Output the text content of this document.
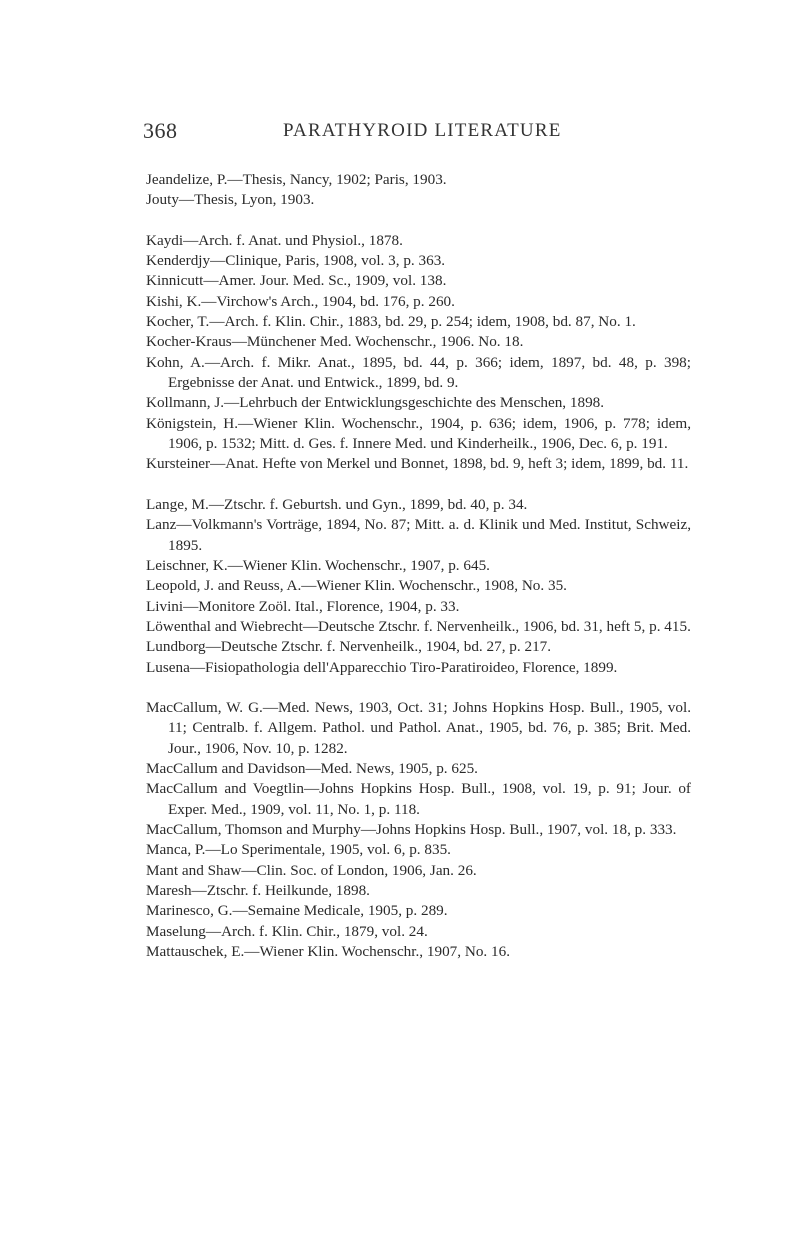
368	PARATHYROID LITERATURE

Jeandelize, P.—Thesis, Nancy, 1902; Paris, 1903.

Jouty—Thesis, Lyon, 1903.

Kaydi—Arch. f. Anat. und Physiol., 1878.

Kenderdjy—Clinique, Paris, 1908, vol. 3, p. 363.

Kinnicutt—Amer. Jour. Med. Sc., 1909, vol. 138.

Kishi, K.—Virchow's Arch., 1904, bd. 176, p. 260.

Kocher, T.—Arch. f. Klin. Chir., 1883, bd. 29, p. 254; idem, 1908, bd. 87, No. 1.

Kocher-Kraus—Münchener Med. Wochenschr., 1906. No. 18.

Kohn, A.—Arch. f. Mikr. Anat., 1895, bd. 44, p. 366; idem, 1897, bd. 48, p. 398; Ergebnisse der Anat. und Entwick., 1899, bd. 9.

Kollmann, J.—Lehrbuch der Entwicklungsgeschichte des Menschen, 1898.

Königstein, H.—Wiener Klin. Wochenschr., 1904, p. 636; idem, 1906, p. 778; idem, 1906, p. 1532; Mitt. d. Ges. f. Innere Med. und Kinderheilk., 1906, Dec. 6, p. 191.

Kursteiner—Anat. Hefte von Merkel und Bonnet, 1898, bd. 9, heft 3; idem, 1899, bd. 11.

Lange, M.—Ztschr. f. Geburtsh. und Gyn., 1899, bd. 40, p. 34.

Lanz—Volkmann's Vorträge, 1894, No. 87; Mitt. a. d. Klinik und Med. Institut, Schweiz, 1895.

Leischner, K.—Wiener Klin. Wochenschr., 1907, p. 645.

Leopold, J. and Reuss, A.—Wiener Klin. Wochenschr., 1908, No. 35.

Livini—Monitore Zoöl. Ital., Florence, 1904, p. 33.

Löwenthal and Wiebrecht—Deutsche Ztschr. f. Nervenheilk., 1906, bd. 31, heft 5, p. 415.

Lundborg—Deutsche Ztschr. f. Nervenheilk., 1904, bd. 27, p. 217.

Lusena—Fisiopathologia dell'Apparecchio Tiro-Paratiroideo, Florence, 1899.

MacCallum, W. G.—Med. News, 1903, Oct. 31; Johns Hopkins Hosp. Bull., 1905, vol. 11; Centralb. f. Allgem. Pathol. und Pathol. Anat., 1905, bd. 76, p. 385; Brit. Med. Jour., 1906, Nov. 10, p. 1282.

MacCallum and Davidson—Med. News, 1905, p. 625.

MacCallum and Voegtlin—Johns Hopkins Hosp. Bull., 1908, vol. 19, p. 91; Jour. of Exper. Med., 1909, vol. 11, No. 1, p. 118.

MacCallum, Thomson and Murphy—Johns Hopkins Hosp. Bull., 1907, vol. 18, p. 333.

Manca, P.—Lo Sperimentale, 1905, vol. 6, p. 835.

Mant and Shaw—Clin. Soc. of London, 1906, Jan. 26.

Maresh—Ztschr. f. Heilkunde, 1898.

Marinesco, G.—Semaine Medicale, 1905, p. 289.

Maselung—Arch. f. Klin. Chir., 1879, vol. 24.

Mattauschek, E.—Wiener Klin. Wochenschr., 1907, No. 16.
